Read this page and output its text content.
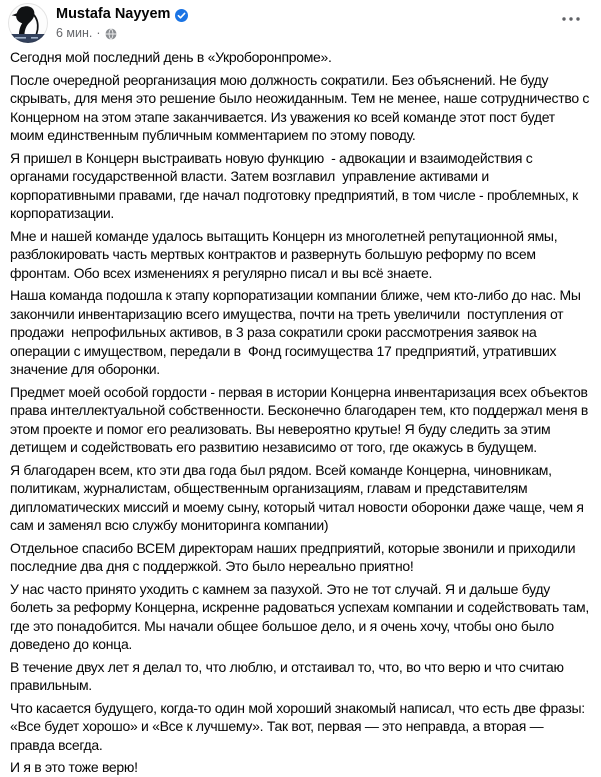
Mustafa Nayyem
6 мин. ·

Сегодня мой последний день в «Укроборонпроме».

После очередной реорганизация мою должность сократили. Без объяснений. Не буду скрывать, для меня это решение было неожиданным. Тем не менее, наше сотрудничество с Концерном на этом этапе заканчивается. Из уважения ко всей команде этот пост будет моим единственным публичным комментарием по этому поводу.

Я пришел в Концерн выстраивать новую функцию  - адвокации и взаимодействия с органами государственной власти. Затем возглавил  управление активами и корпоративными правами, где начал подготовку предприятий, в том числе - проблемных, к корпоратизации.

Мне и нашей команде удалось вытащить Концерн из многолетней репутационной ямы, разблокировать часть мертвых контрактов и развернуть большую реформу по всем фронтам. Обо всех изменениях я регулярно писал и вы всё знаете.

Наша команда подошла к этапу корпоратизации компании ближе, чем кто-либо до нас. Мы закончили инвентаризацию всего имущества, почти на треть увеличили  поступления от продажи  непрофильных активов, в 3 раза сократили сроки рассмотрения заявок на операции с имуществом, передали в  Фонд госимущества 17 предприятий, утративших значение для оборонки.

Предмет моей особой гордости - первая в истории Концерна инвентаризация всех объектов права интеллектуальной собственности. Бесконечно благодарен тем, кто поддержал меня в этом проекте и помог его реализовать. Вы невероятно крутые! Я буду следить за этим детищем и содействовать его развитию независимо от того, где окажусь в будущем.

Я благодарен всем, кто эти два года был рядом. Всей команде Концерна, чиновникам, политикам, журналистам, общественным организациям, главам и представителям дипломатических миссий и моему сыну, который читал новости оборонки даже чаще, чем я сам и заменял всю службу мониторинга компании)

Отдельное спасибо ВСЕМ директорам наших предприятий, которые звонили и приходили последние два дня с поддержкой. Это было нереально приятно!

У нас часто принято уходить с камнем за пазухой. Это не тот случай. Я и дальше буду болеть за реформу Концерна, искренне радоваться успехам компании и содействовать там, где это понадобится. Мы начали общее большое дело, и я очень хочу, чтобы оно было доведено до конца.

В течение двух лет я делал то, что люблю, и отстаивал то, что, во что верю и что считаю правильным.

Что касается будущего, когда-то один мой хороший знакомый написал, что есть две фразы: «Все будет хорошо» и «Все к лучшему». Так вот, первая — это неправда, а вторая — правда всегда.

И я в это тоже верю!
